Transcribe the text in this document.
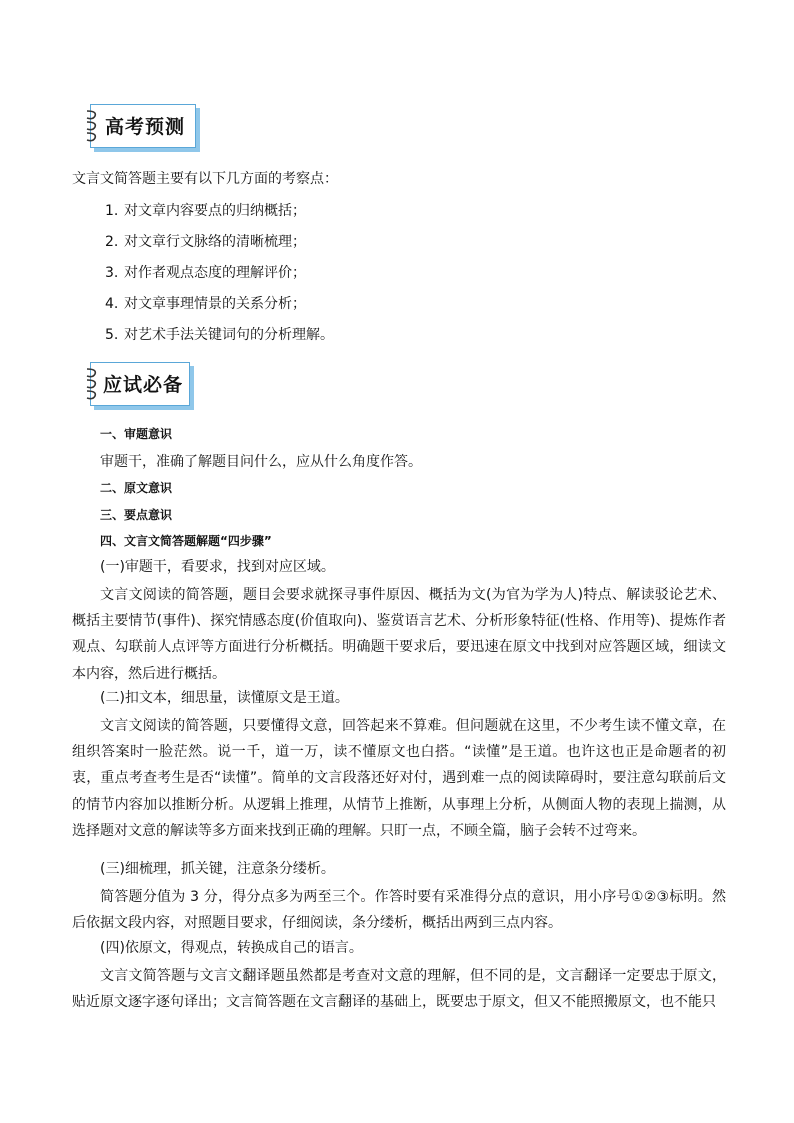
高考预测
文言文简答题主要有以下几方面的考察点：
1. 对文章内容要点的归纳概括；
2. 对文章行文脉络的清晰梳理；
3. 对作者观点态度的理解评价；
4. 对文章事理情景的关系分析；
5. 对艺术手法关键词句的分析理解。
应试必备
一、审题意识
审题干，准确了解题目问什么，应从什么角度作答。
二、原文意识
三、要点意识
四、文言文简答题解题“四步骤”
(一)审题干，看要求，找到对应区域。

文言文阅读的简答题，题目会要求就探寻事件原因、概括为文(为官为学为人)特点、解读驳论艺术、概括主要情节(事件)、探究情感态度(价值取向)、鉴赏语言艺术、分析形象特征(性格、作用等)、提炼作者观点、勾联前人点评等方面进行分析概括。明确题干要求后，要迅速在原文中找到对应答题区域，细读文本内容，然后进行概括。

(二)扣文本，细思量，读懂原文是王道。

文言文阅读的简答题，只要懂得文意，回答起来不算难。但问题就在这里，不少考生读不懂文章，在组织答案时一脸茫然。说一千，道一万，读不懂原文也白搭。“读懂”是王道。也许这也正是命题者的初衷，重点考查考生是否“读懂”。简单的文言段落还好对付，遇到难一点的阅读障碍时，要注意勾联前后文的情节内容加以推断分析。从逻辑上推理，从情节上推断，从事理上分析，从侧面人物的表现上揣测，从选择题对文意的解读等多方面来找到正确的理解。只盯一点，不顾全篇，脑子会转不过弯来。

(三)细梳理，抓关键，注意条分缕析。

简答题分值为 3 分，得分点多为两至三个。作答时要有采准得分点的意识，用小序号①②③标明。然后依据文段内容，对照题目要求，仔细阅读，条分缕析，概括出两到三点内容。

(四)依原文，得观点，转换成自己的语言。

文言文简答题与文言文翻译题虽然都是考查对文意的理解，但不同的是，文言翻译一定要忠于原文，贴近原文逐字逐句译出；文言简答题在文言翻译的基础上，既要忠于原文，但又不能照搬原文，也不能只
